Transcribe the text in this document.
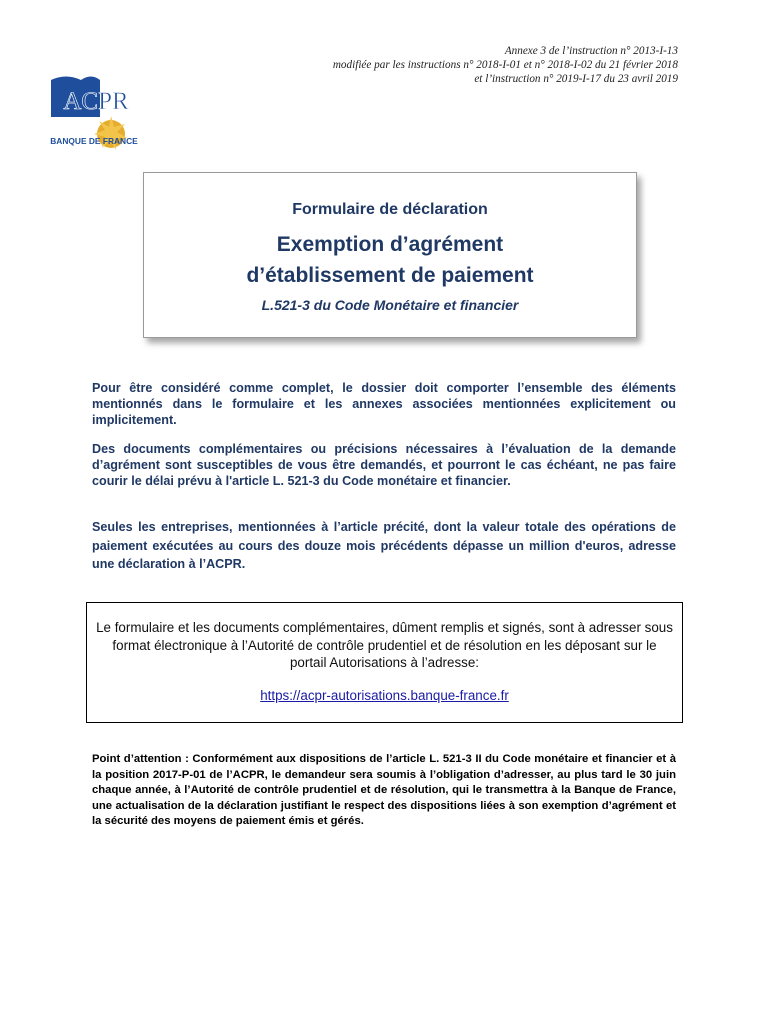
Annexe 3 de l’instruction n° 2013-I-13
modifiée par les instructions n° 2018-I-01 et n° 2018-I-02 du 21 février 2018
et l’instruction n° 2019-I-17 du 23 avril 2019
ACPR
BANQUE DE FRANCE
Formulaire de déclaration
Exemption d’agrément
d’établissement de paiement
L.521-3 du Code Monétaire et financier
Pour être considéré comme complet, le dossier doit comporter l’ensemble des éléments mentionnés dans le formulaire et les annexes associées mentionnées explicitement ou implicitement.
Des documents complémentaires ou précisions nécessaires à l’évaluation de la demande d’agrément sont susceptibles de vous être demandés, et pourront le cas échéant, ne pas faire courir le délai prévu à l'article L. 521-3 du Code monétaire et financier.
Seules les entreprises, mentionnées à l’article précité, dont la valeur totale des opérations de paiement exécutées au cours des douze mois précédents dépasse un million d'euros, adresse une déclaration à l’ACPR.
Le formulaire et les documents complémentaires, dûment remplis et signés, sont à adresser sous format électronique à l’Autorité de contrôle prudentiel et de résolution en les déposant sur le portail Autorisations à l’adresse:
https://acpr-autorisations.banque-france.fr
Point d’attention : Conformément aux dispositions de l’article L. 521-3 II du Code monétaire et financier et à la position 2017-P-01 de l’ACPR, le demandeur sera soumis à l’obligation d’adresser, au plus tard le 30 juin chaque année, à l’Autorité de contrôle prudentiel et de résolution, qui le transmettra à la Banque de France, une actualisation de la déclaration justifiant le respect des dispositions liées à son exemption d’agrément et la sécurité des moyens de paiement émis et gérés.
